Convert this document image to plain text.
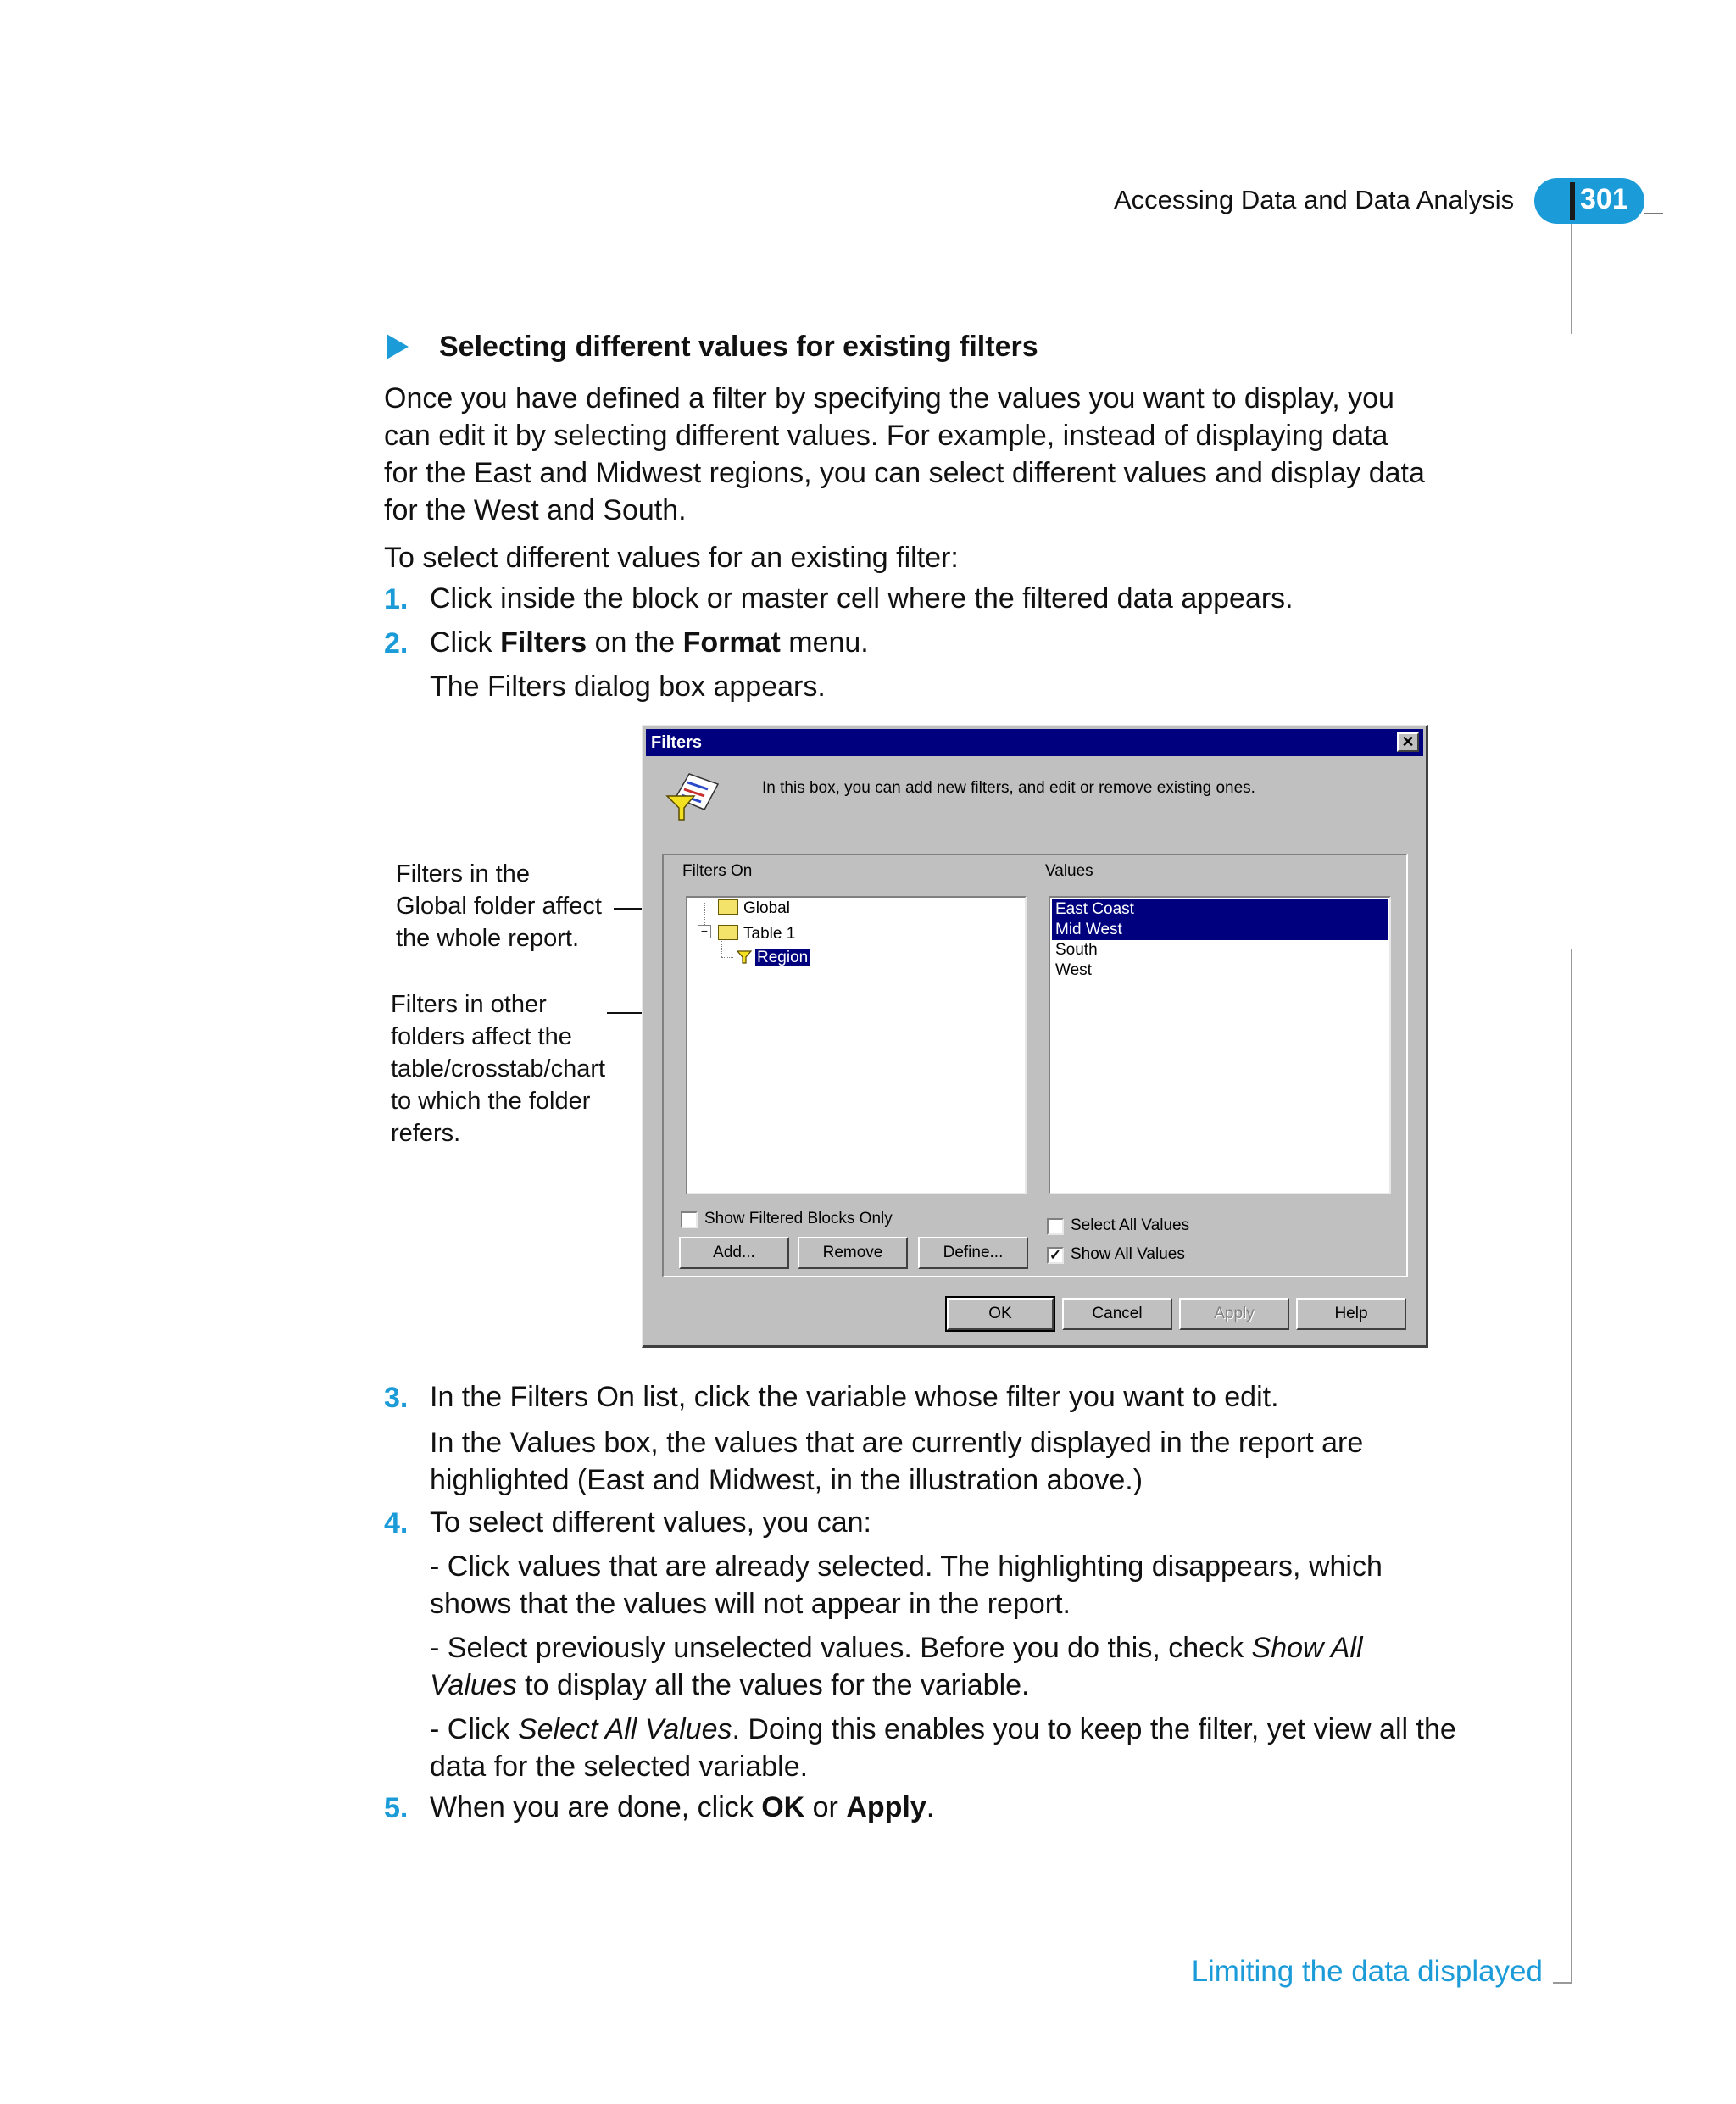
Accessing Data and Data Analysis 301
Selecting different values for existing filters
Once you have defined a filter by specifying the values you want to display, you
can edit it by selecting different values. For example, instead of displaying data
for the East and Midwest regions, you can select different values and display data
for the West and South.
To select different values for an existing filter:
1. Click inside the block or master cell where the filtered data appears.
2. Click Filters on the Format menu.
The Filters dialog box appears.
Filters in the
Global folder affect
the whole report.
Filters in other
folders affect the
table/crosstab/chart
to which the folder
refers.
Filters	✕
In this box, you can add new filters, and edit or remove existing ones.
Filters On	Values
Global
−	Table 1
Region
East Coast
Mid West
South
West
Show Filtered Blocks Only	Select All Values
✓ Show All Values
Add...	Remove	Define...
OK	Cancel	Apply	Help
3. In the Filters On list, click the variable whose filter you want to edit.
In the Values box, the values that are currently displayed in the report are highlighted (East and Midwest, in the illustration above.)
4. To select different values, you can:
- Click values that are already selected. The highlighting disappears, which shows that the values will not appear in the report.
- Select previously unselected values. Before you do this, check Show All Values to display all the values for the variable.
- Click Select All Values. Doing this enables you to keep the filter, yet view all the data for the selected variable.
5. When you are done, click OK or Apply.
Limiting the data displayed
